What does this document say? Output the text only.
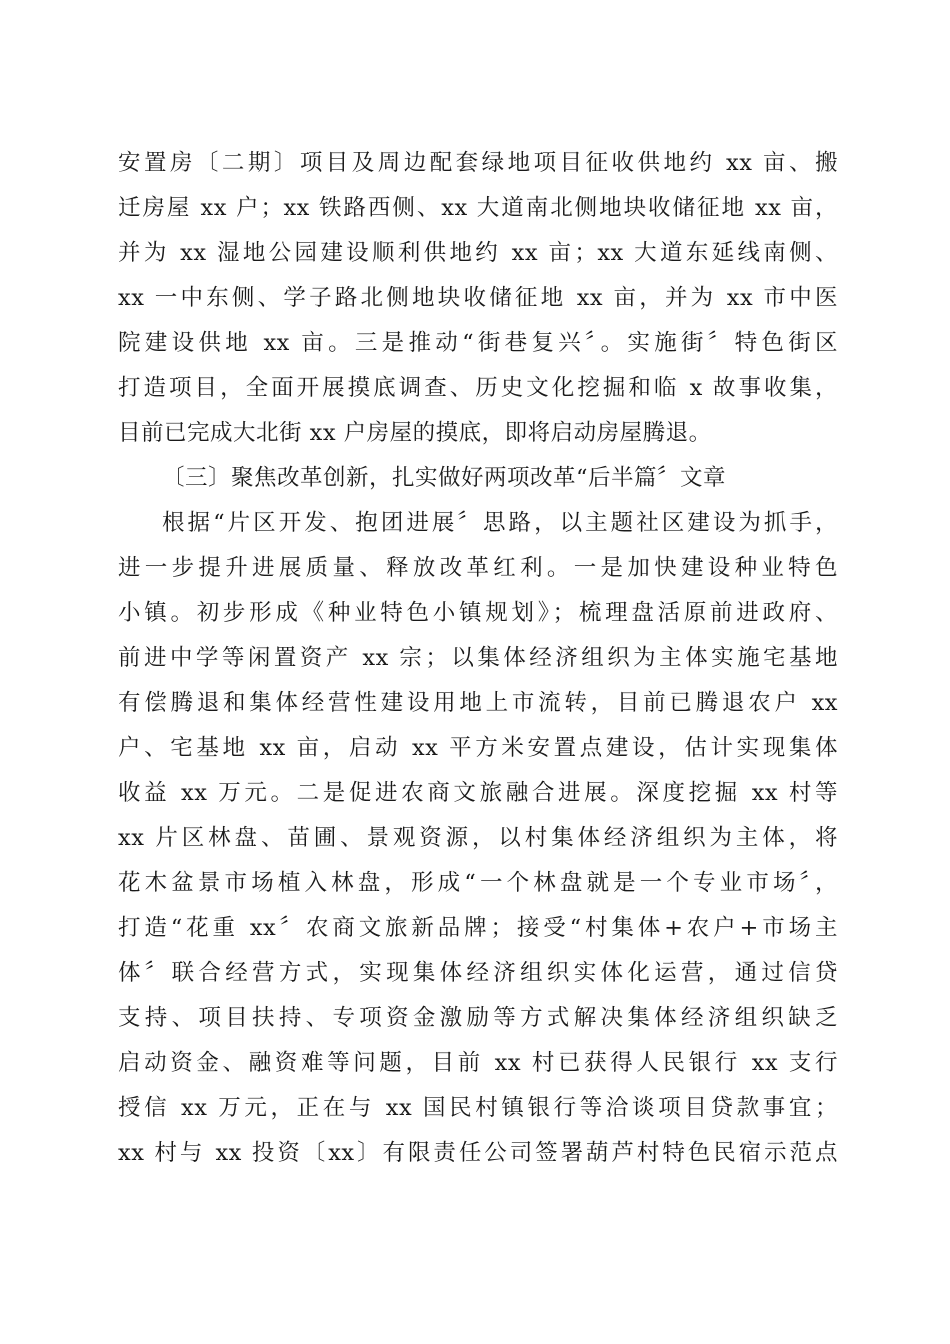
安置房〔二期〕项目及周边配套绿地项目征收供地约 xx 亩、搬
迁房屋 xx 户；xx 铁路西侧、xx 大道南北侧地块收储征地 xx 亩，
并为 xx 湿地公园建设顺利供地约 xx 亩；xx 大道东延线南侧、
xx 一中东侧、学子路北侧地块收储征地 xx 亩，并为 xx 市中医
院建设供地 xx 亩。三是推动“街巷复兴〞。实施街〞特色街区
打造项目，全面开展摸底调查、历史文化挖掘和临 x 故事收集，
目前已完成大北街 xx 户房屋的摸底，即将启动房屋腾退。
〔三〕聚焦改革创新，扎实做好两项改革“后半篇〞文章
根据“片区开发、抱团进展〞思路，以主题社区建设为抓手，
进一步提升进展质量、释放改革红利。一是加快建设种业特色
小镇。初步形成《种业特色小镇规划》；梳理盘活原前进政府、
前进中学等闲置资产 xx 宗；以集体经济组织为主体实施宅基地
有偿腾退和集体经营性建设用地上市流转，目前已腾退农户 xx
户、宅基地 xx 亩，启动 xx 平方米安置点建设，估计实现集体
收益 xx 万元。二是促进农商文旅融合进展。深度挖掘 xx 村等
xx 片区林盘、苗圃、景观资源，以村集体经济组织为主体，将
花木盆景市场植入林盘，形成“一个林盘就是一个专业市场〞，
打造“花重 xx〞农商文旅新品牌；接受“村集体+农户+市场主
体〞联合经营方式，实现集体经济组织实体化运营，通过信贷
支持、项目扶持、专项资金激励等方式解决集体经济组织缺乏
启动资金、融资难等问题，目前 xx 村已获得人民银行 xx 支行
授信 xx 万元，正在与 xx 国民村镇银行等洽谈项目贷款事宜；
xx 村与 xx 投资〔xx〕有限责任公司签署葫芦村特色民宿示范点
